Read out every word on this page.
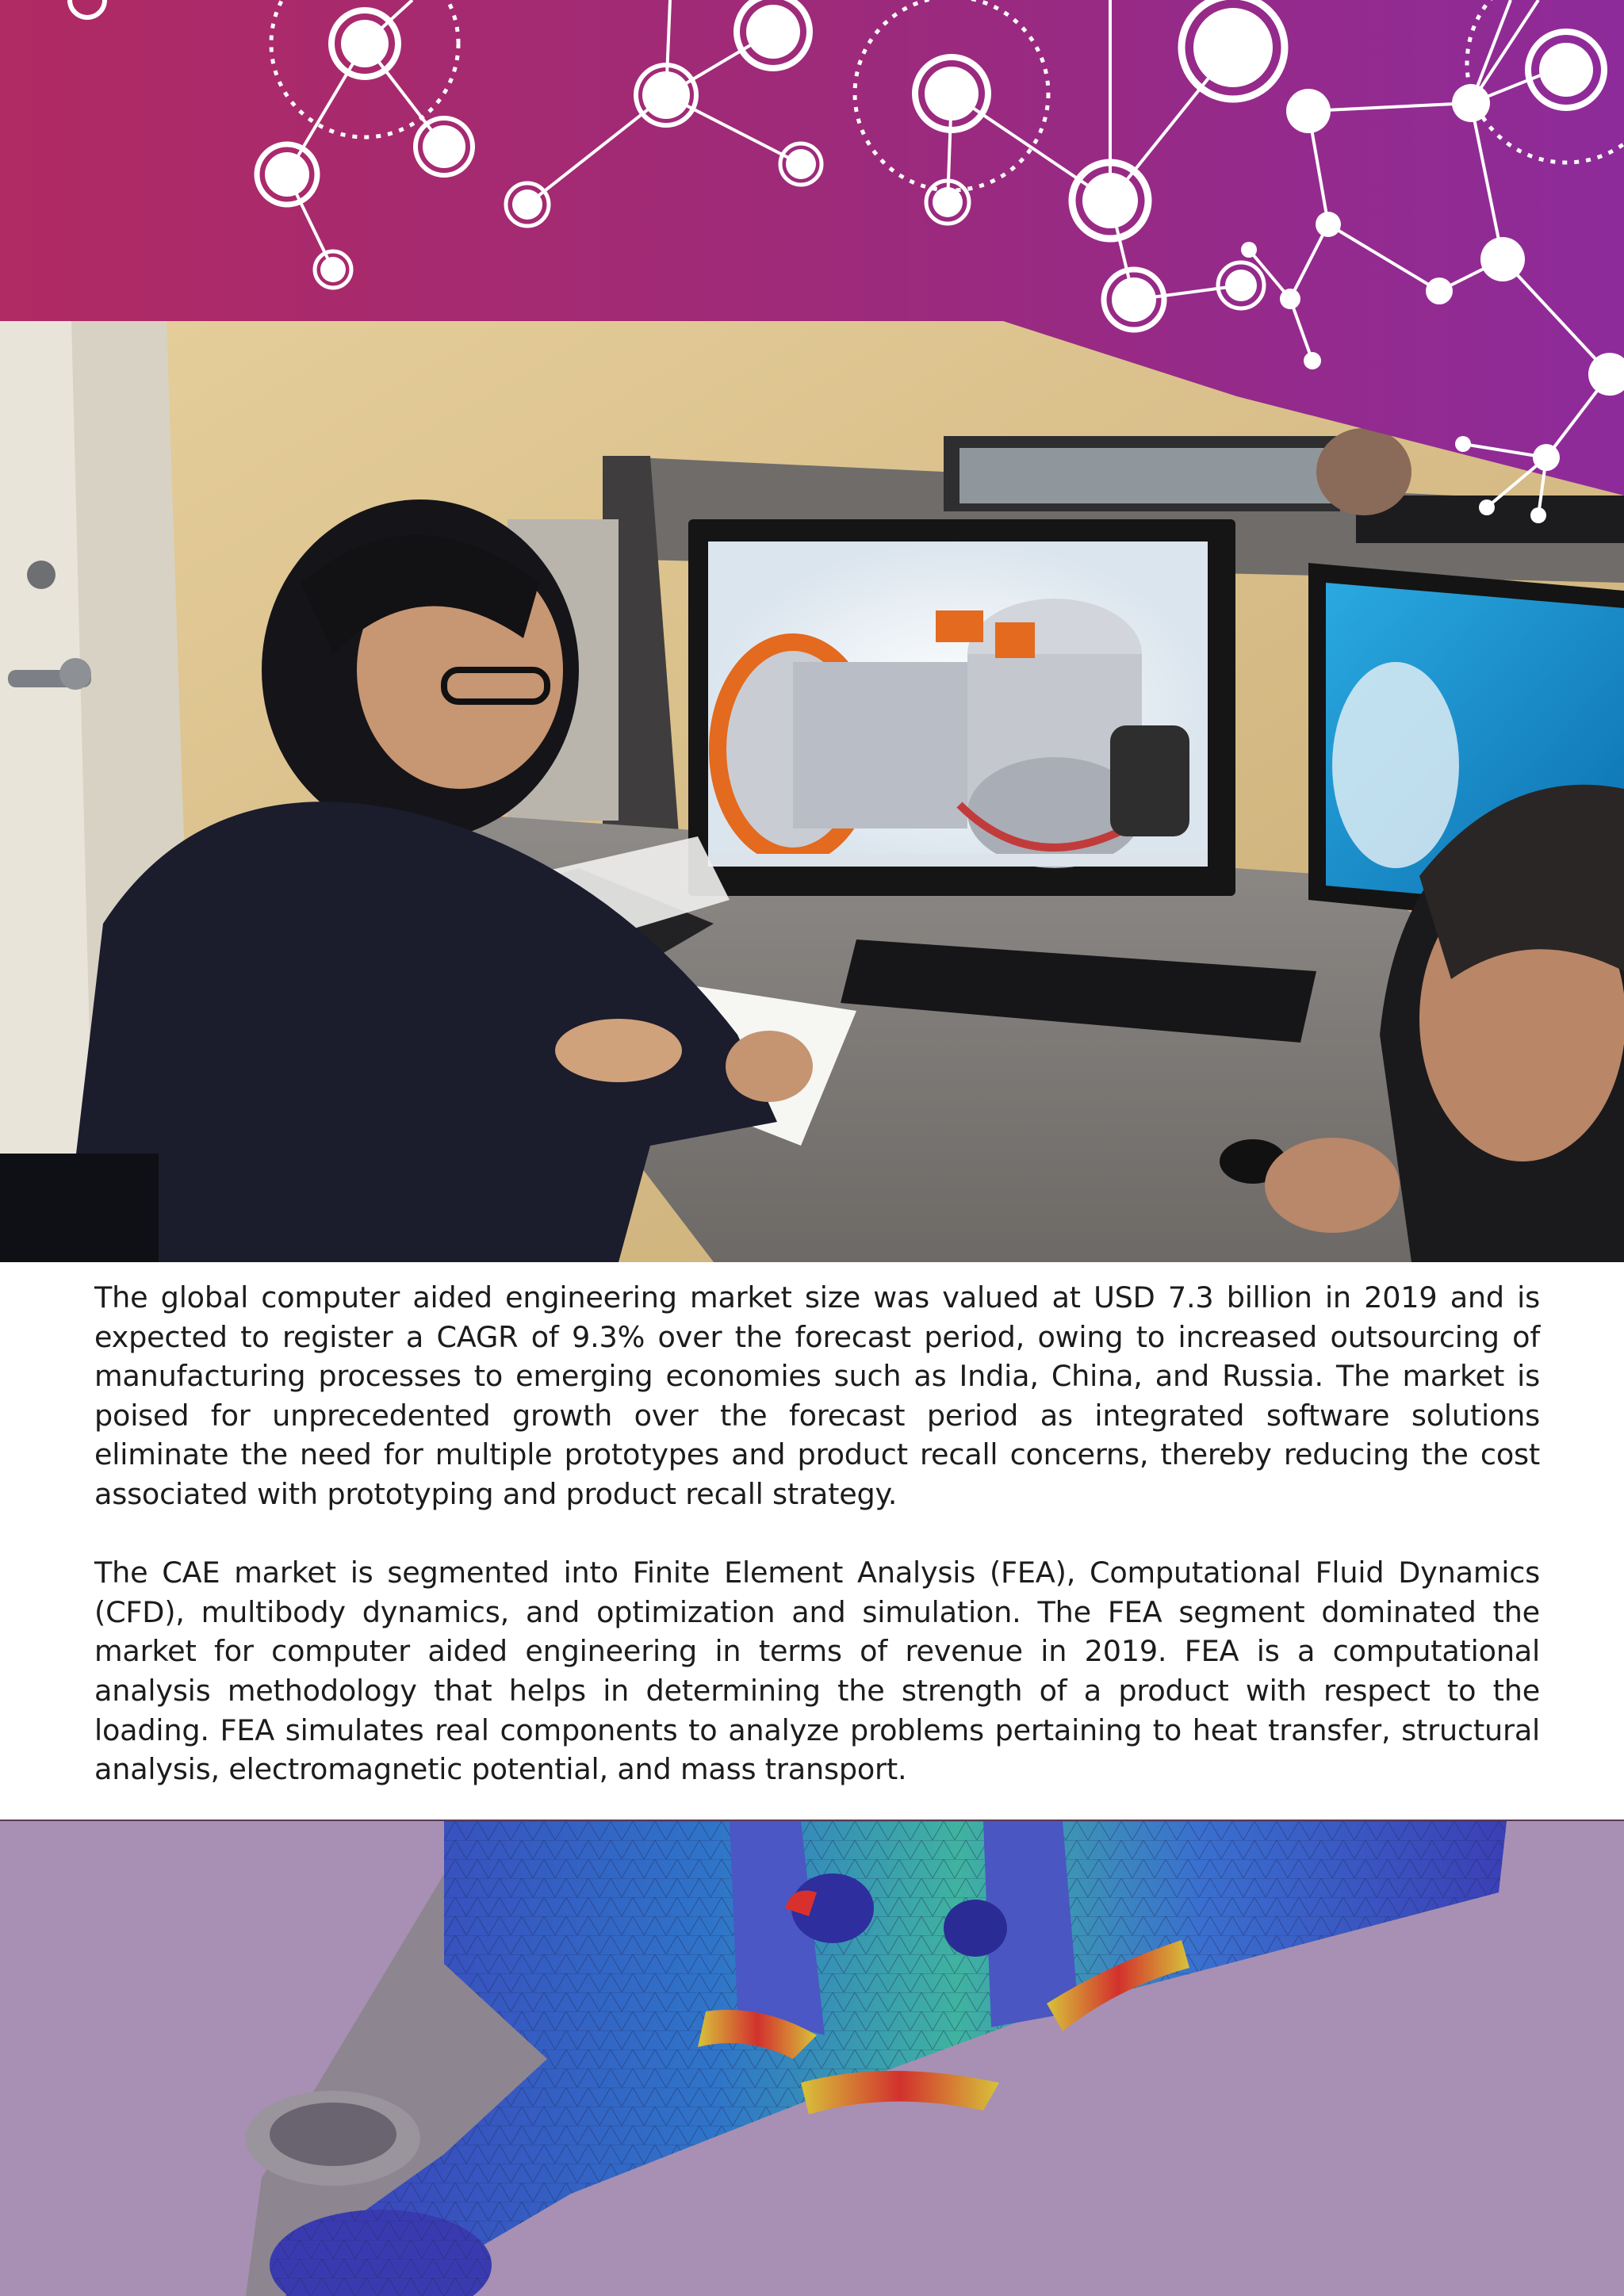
The global computer aided engineering market size was valued at USD 7.3 billion in 2019 and is expected to register a CAGR of 9.3% over the forecast period, owing to increased outsourcing of manufacturing processes to emerging economies such as India, China, and Russia. The market is poised for unprecedented growth over the forecast period as integrated software solutions eliminate the need for multiple prototypes and product recall concerns, thereby reducing the cost associated with prototyping and product recall strategy.

The CAE market is segmented into Finite Element Analysis (FEA), Computational Fluid Dynamics (CFD), multibody dynamics, and optimization and simulation. The FEA segment dominated the market for computer aided engineering in terms of revenue in 2019. FEA is a computational analysis methodology that helps in determining the strength of a product with respect to the loading. FEA simulates real components to analyze problems pertaining to heat transfer, structural analysis, electromagnetic potential, and mass transport.
